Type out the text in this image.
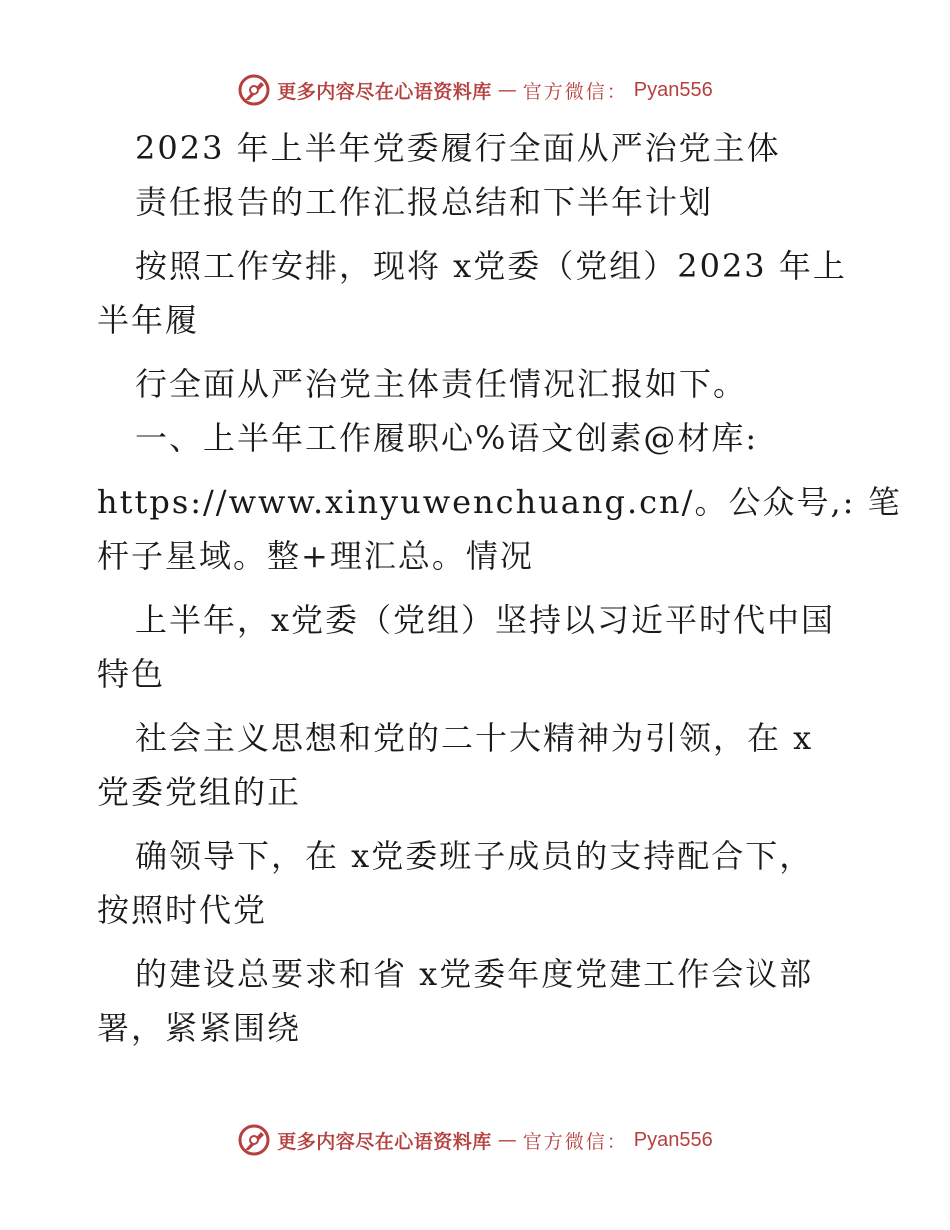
更多内容尽在心语资料库 — 官方微信： Pyan556
2023 年上半年党委履行全面从严治党主体
责任报告的工作汇报总结和下半年计划
按照工作安排，现将 x党委（党组）2023 年上
半年履
行全面从严治党主体责任情况汇报如下。
一、上半年工作履职心%语文创素@材库:
https://www.xinyuwenchuang.cn/。公众号,: 笔
杆子星域。整+理汇总。情况
上半年，x党委（党组）坚持以习近平时代中国
特色
社会主义思想和党的二十大精神为引领，在 x
党委党组的正
确领导下，在 x党委班子成员的支持配合下，
按照时代党
的建设总要求和省 x党委年度党建工作会议部
署，紧紧围绕
更多内容尽在心语资料库 — 官方微信： Pyan556
